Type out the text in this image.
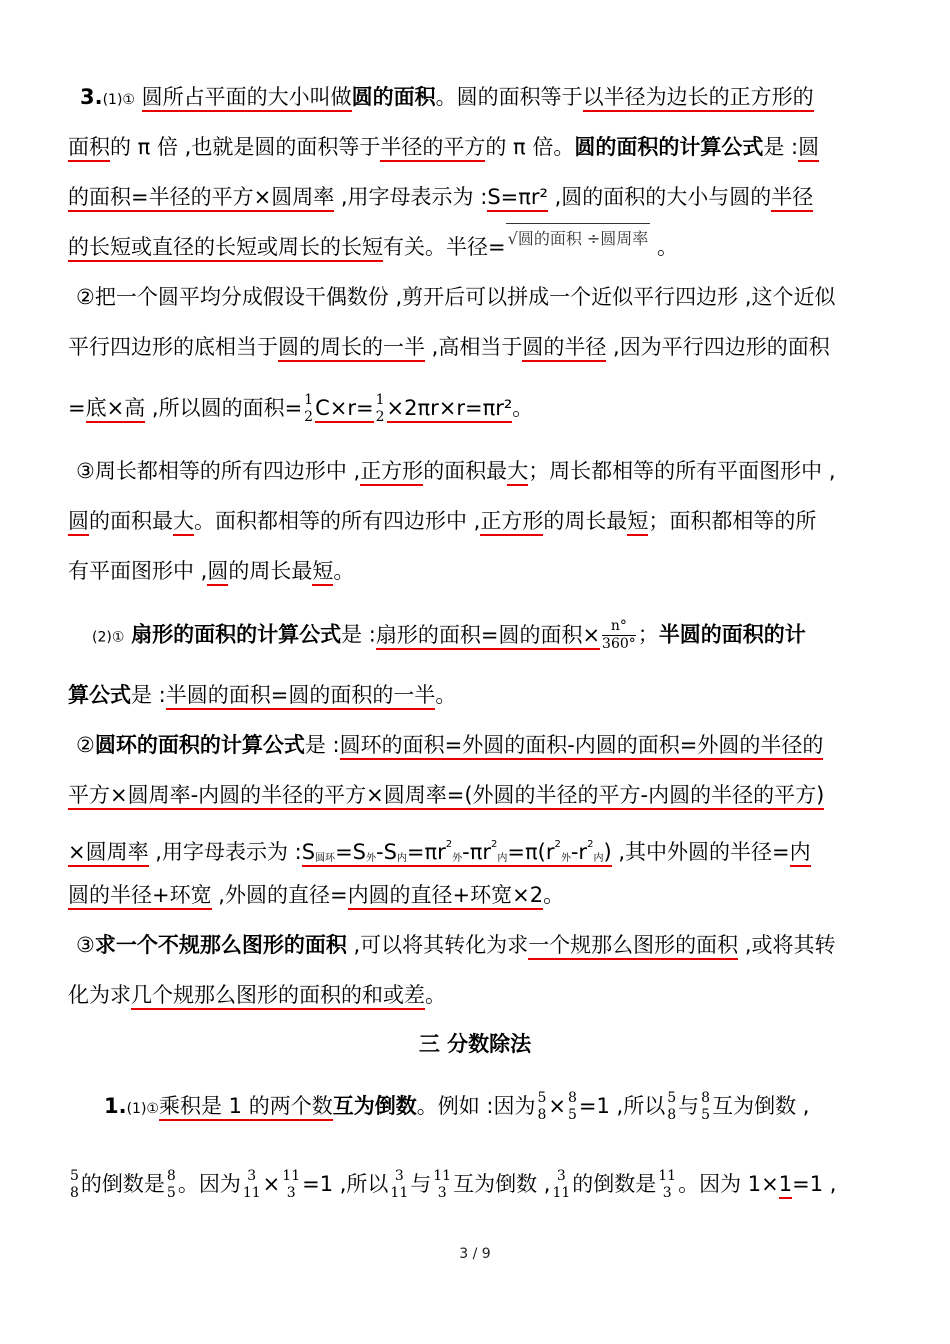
3.(1)① 圆所占平面的大小叫做圆的面积。圆的面积等于以半径为边长的正方形的
面积的 π 倍 ,也就是圆的面积等于半径的平方的 π 倍。圆的面积的计算公式是 :圆
的面积=半径的平方×圆周率 ,用字母表示为 :S=πr² ,圆的面积的大小与圆的半径
的长短或直径的长短或周长的长短有关。半径= √圆的面积 ÷圆周率 。
②把一个圆平均分成假设干偶数份 ,剪开后可以拼成一个近似平行四边形 ,这个近似
平行四边形的底相当于圆的周长的一半 ,高相当于圆的半径 ,因为平行四边形的面积
=底×高 ,所以圆的面积= 1
2 C×r= 1
2 ×2πr×r=πr²。
③周长都相等的所有四边形中 ,正方形的面积最大；周长都相等的所有平面图形中 ,
圆的面积最大。面积都相等的所有四边形中 ,正方形的周长最短；面积都相等的所
有平面图形中 ,圆的周长最短。
(2)① 扇形的面积的计算公式是 :扇形的面积=圆的面积× $\frac{n^\circ}{360^\circ}$ ；半圆的面积的计
算公式是 :半圆的面积=圆的面积的一半。
②圆环的面积的计算公式是 :圆环的面积=外圆的面积-内圆的面积=外圆的半径的
平方×圆周率-内圆的半径的平方×圆周率=(外圆的半径的平方-内圆的半径的平方)
×圆周率 ,用字母表示为 :S圆环=S外-S内$=\pi r^2$外$-\pi r^2$内$=\pi(r^2$外$-r^2$内) ,其中外圆的半径=内
圆的半径+环宽 ,外圆的直径=内圆的直径+环宽×2。
③求一个不规那么图形的面积 ,可以将其转化为求一个规那么图形的面积 ,或将其转
化为求几个规那么图形的面积的和或差。
三 分数除法
1.(1)①乘积是 1 的两个数互为倒数。例如 :因为 5
8 × 8
5 =1 ,所以 5
8 与 8
5 互为倒数 ,
5
8 的倒数是 8
5 。因为 3
11 × 11
3 =1 ,所以 3
11 与 11
3 互为倒数 , 3
11 的倒数是 11
3 。因为 1×1=1 ,
3 / 9
